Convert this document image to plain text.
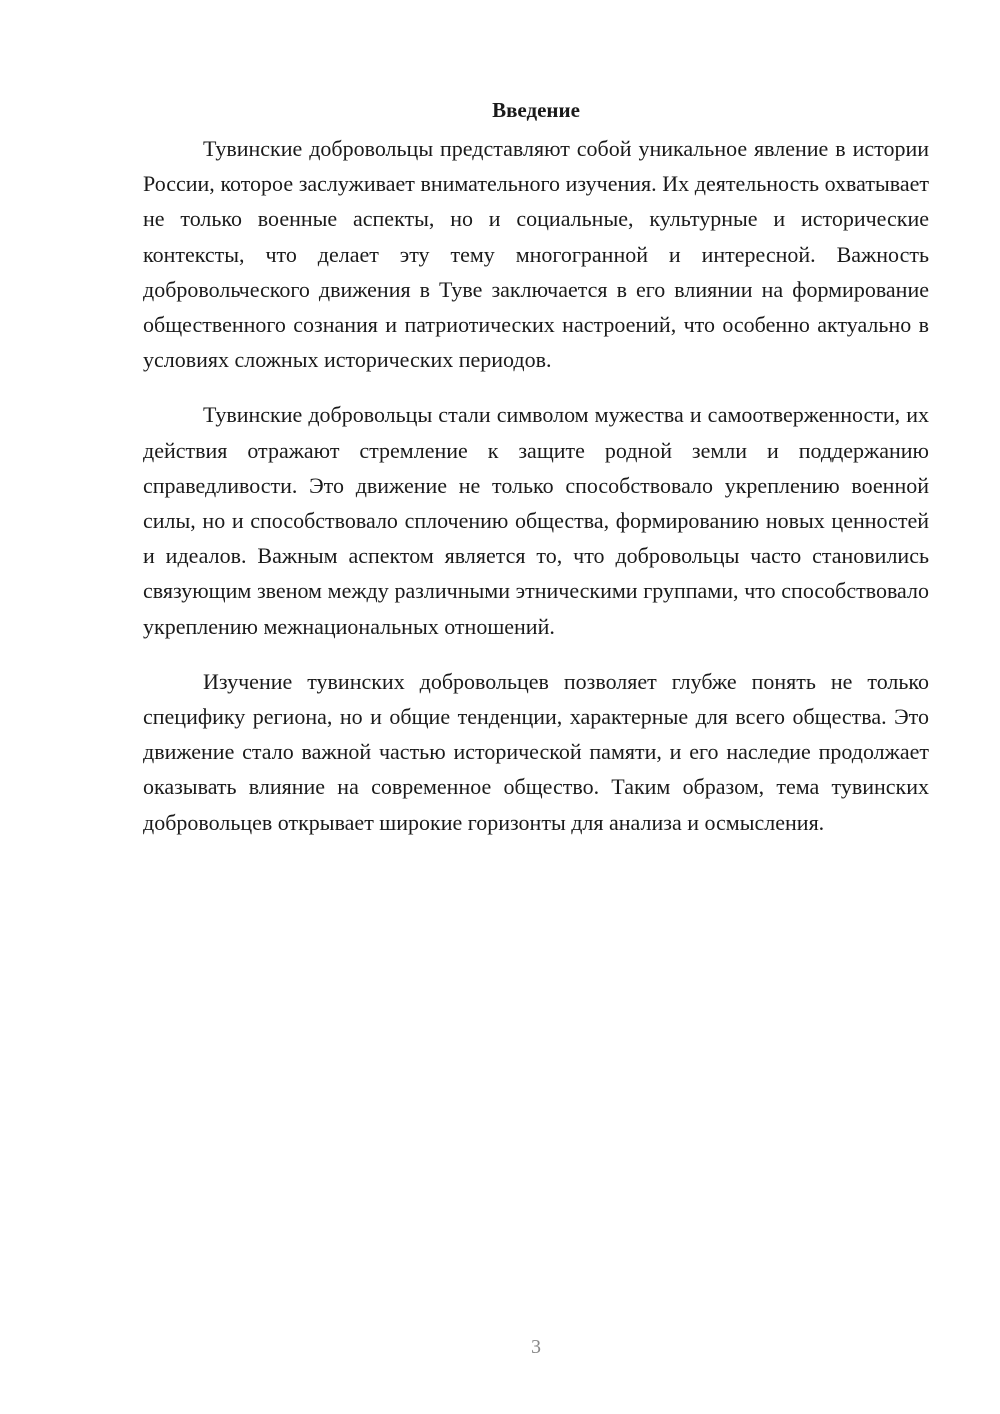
Введение

Тувинские добровольцы представляют собой уникальное явление в истории России, которое заслуживает внимательного изучения. Их деятельность охватывает не только военные аспекты, но и социальные, культурные и исторические контексты, что делает эту тему многогранной и интересной. Важность добровольческого движения в Туве заключается в его влиянии на формирование общественного сознания и патриотических настроений, что особенно актуально в условиях сложных исторических периодов.

Тувинские добровольцы стали символом мужества и самоотверженности, их действия отражают стремление к защите родной земли и поддержанию справедливости. Это движение не только способствовало укреплению военной силы, но и способствовало сплочению общества, формированию новых ценностей и идеалов. Важным аспектом является то, что добровольцы часто становились связующим звеном между различными этническими группами, что способствовало укреплению межнациональных отношений.

Изучение тувинских добровольцев позволяет глубже понять не только специфику региона, но и общие тенденции, характерные для всего общества. Это движение стало важной частью исторической памяти, и его наследие продолжает оказывать влияние на современное общество. Таким образом, тема тувинских добровольцев открывает широкие горизонты для анализа и осмысления.

3
